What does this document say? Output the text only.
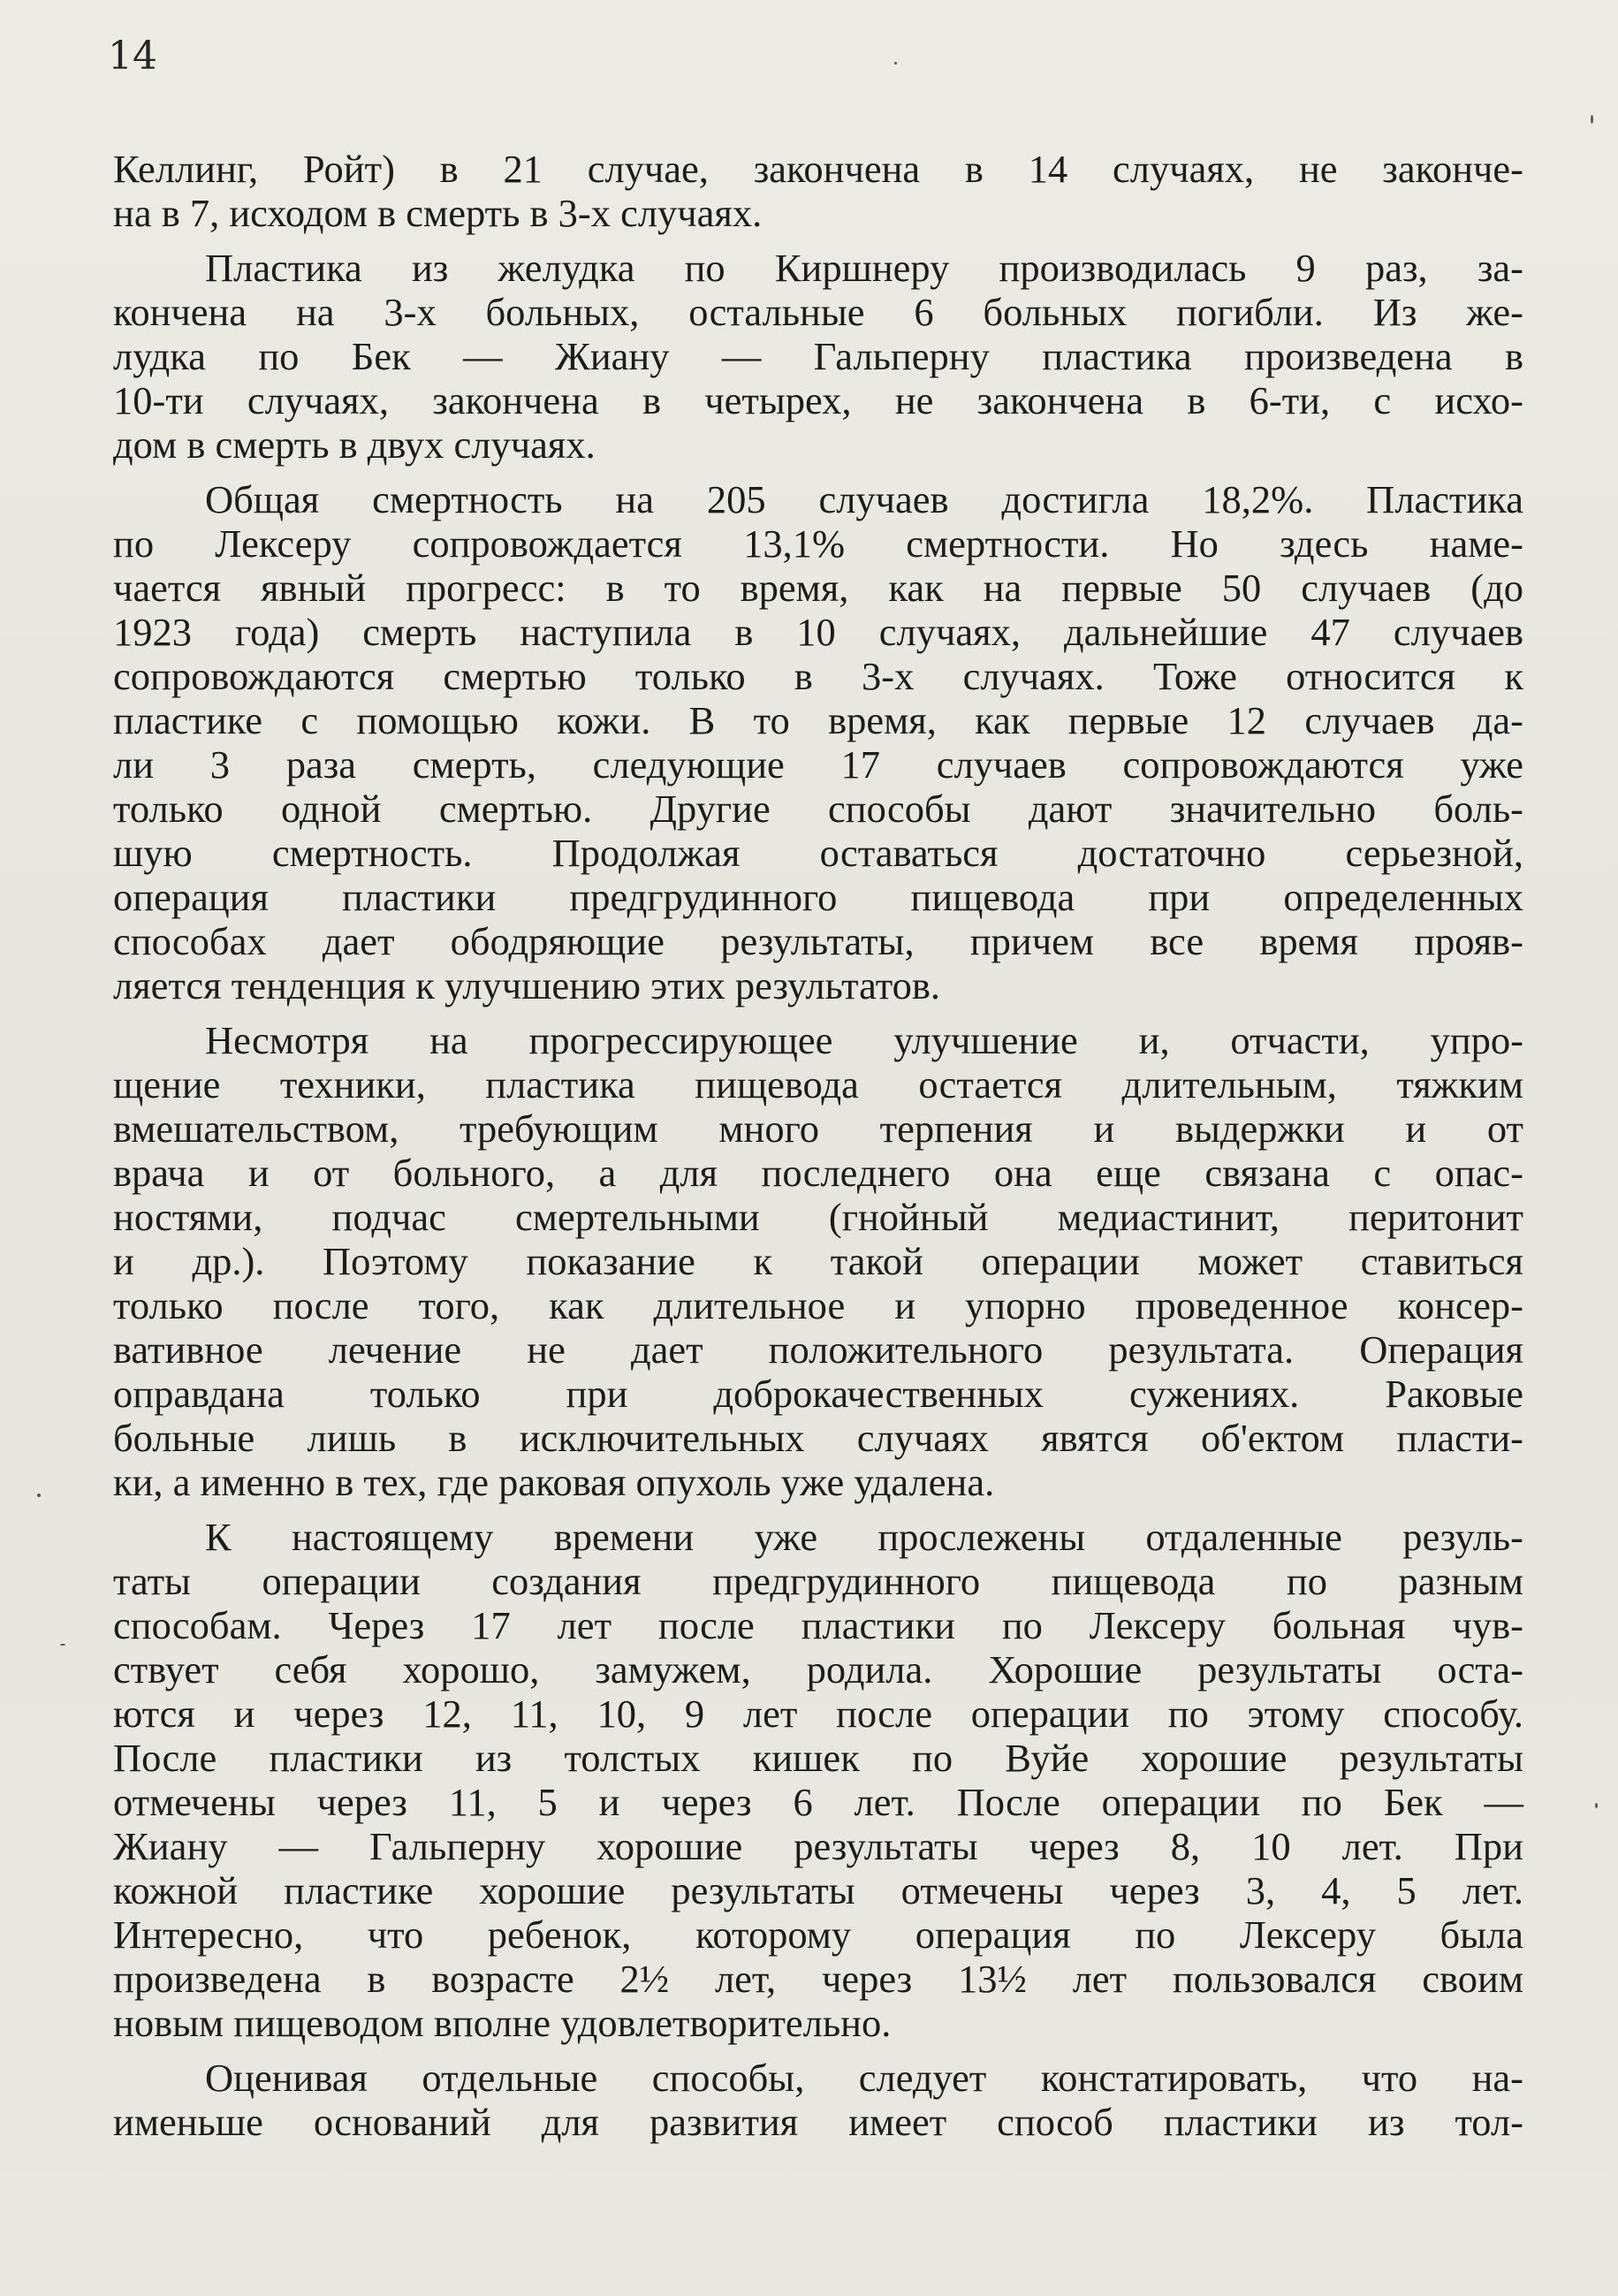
14

Келлинг, Ройт) в 21 случае, закончена в 14 случаях, не законче-
на в 7, исходом в смерть в 3-х случаях.

Пластика из желудка по Киршнеру производилась 9 раз, за-
кончена на 3-х больных, остальные 6 больных погибли. Из же-
лудка по Бек — Жиану — Гальперну пластика произведена в
10-ти случаях, закончена в четырех, не закончена в 6-ти, с исхо-
дом в смерть в двух случаях.

Общая смертность на 205 случаев достигла 18,2%. Пластика
по Лексеру сопровождается 13,1% смертности. Но здесь наме-
чается явный прогресс: в то время, как на первые 50 случаев (до
1923 года) смерть наступила в 10 случаях, дальнейшие 47 случаев
сопровождаются смертью только в 3-х случаях. Тоже относится к
пластике с помощью кожи. В то время, как первые 12 случаев да-
ли 3 раза смерть, следующие 17 случаев сопровождаются уже
только одной смертью. Другие способы дают значительно боль-
шую смертность. Продолжая оставаться достаточно серьезной,
операция пластики предгрудинного пищевода при определенных
способах дает ободряющие результаты, причем все время прояв-
ляется тенденция к улучшению этих результатов.

Несмотря на прогрессирующее улучшение и, отчасти, упро-
щение техники, пластика пищевода остается длительным, тяжким
вмешательством, требующим много терпения и выдержки и от
врача и от больного, а для последнего она еще связана с опас-
ностями, подчас смертельными (гнойный медиастинит, перитонит
и др.). Поэтому показание к такой операции может ставиться
только после того, как длительное и упорно проведенное консер-
вативное лечение не дает положительного результата. Операция
оправдана только при доброкачественных сужениях. Раковые
больные лишь в исключительных случаях явятся об'ектом пласти-
ки, а именно в тех, где раковая опухоль уже удалена.

К настоящему времени уже прослежены отдаленные резуль-
таты операции создания предгрудинного пищевода по разным
способам. Через 17 лет после пластики по Лексеру больная чув-
ствует себя хорошо, замужем, родила. Хорошие результаты оста-
ются и через 12, 11, 10, 9 лет после операции по этому способу.
После пластики из толстых кишек по Вуйе хорошие результаты
отмечены через 11, 5 и через 6 лет. После операции по Бек —
Жиану — Гальперну хорошие результаты через 8, 10 лет. При
кожной пластике хорошие результаты отмечены через 3, 4, 5 лет.
Интересно, что ребенок, которому операция по Лексеру была
произведена в возрасте 2½ лет, через 13½ лет пользовался своим
новым пищеводом вполне удовлетворительно.

Оценивая отдельные способы, следует констатировать, что на-
именьше оснований для развития имеет способ пластики из тол-
